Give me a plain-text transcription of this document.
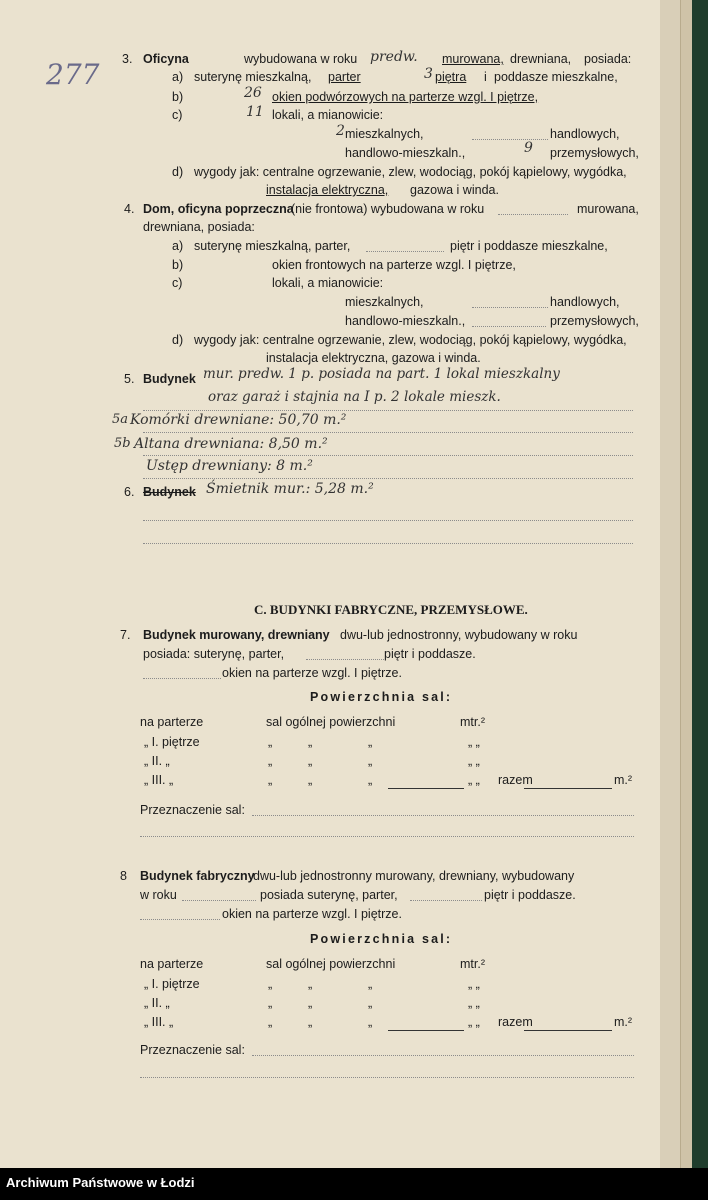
277 3. Oficyna	wybudowana w roku predw. murowana, drewniana, posiada:
a) suterynę mieszkalną, parter	3 piętra i poddasze mieszkalne,
b)	26 okien podwórzowych na parterze wzgl. I piętrze,
c)	11 lokali, a mianowicie:
2 mieszkalnych,	handlowych,
handlowo-mieszkaln.,	9 przemysłowych,
d) wygody jak: centralne ogrzewanie, zlew, wodociąg, pokój kąpielowy, wygódka,
instalacja elektryczna, gazowa i winda.
4. Dom, oficyna poprzeczna
(nie frontowa) wybudowana w roku	murowana,
drewniana, posiada:
a) suterynę mieszkalną, parter,	piętr i poddasze mieszkalne,
b)	okien frontowych na parterze wzgl. I piętrze,
c)	lokali, a mianowicie:
mieszkalnych,	handlowych,
handlowo-mieszkaln.,	przemysłowych,
d) wygody jak: centralne ogrzewanie, zlew, wodociąg, pokój kąpielowy, wygódka,
instalacja elektryczna, gazowa i winda.
5. Budynek mur. predw. 1 p. posiada na part. 1 lokal mieszkalny
oraz garaż i stajnia na I p. 2 lokale mieszk.
5a Komórki drewniane: 50,70 m.²
5b Altana drewniana: 8,50 m.²
Ustęp drewniany: 8 m.²
6. Budynek Śmietnik mur.: 5,28 m.²
C. BUDYNKI FABRYCZNE, PRZEMYSŁOWE.
7. Budynek murowany, drewniany dwu-lub jednostronny, wybudowany w roku
posiada: suterynę, parter,	piętr i poddasze.
okien na parterze wzgl. I piętrze.
Powierzchnia sal:
na parterze	sal ogólnej powierzchni	mtr.²
„ I. piętrze	„	„	„	„ „
„ II. „	„	„	„	„ „
„ III. „	„	„	„	„ „ razem	m.²
Przeznaczenie sal:
8 Budynek fabryczny
dwu-lub jednostronny murowany, drewniany, wybudowany
w roku	posiada suterynę, parter,	piętr i poddasze.
okien na parterze wzgl. I piętrze.
Powierzchnia sal:
na parterze	sal ogólnej powierzchni	mtr.²
„ I. piętrze	„	„	„	„ „
„ II. „	„	„	„	„ „
„ III. „	„	„	„	„ „ razem	m.²
Przeznaczenie sal:
Archiwum Państwowe w Łodzi
